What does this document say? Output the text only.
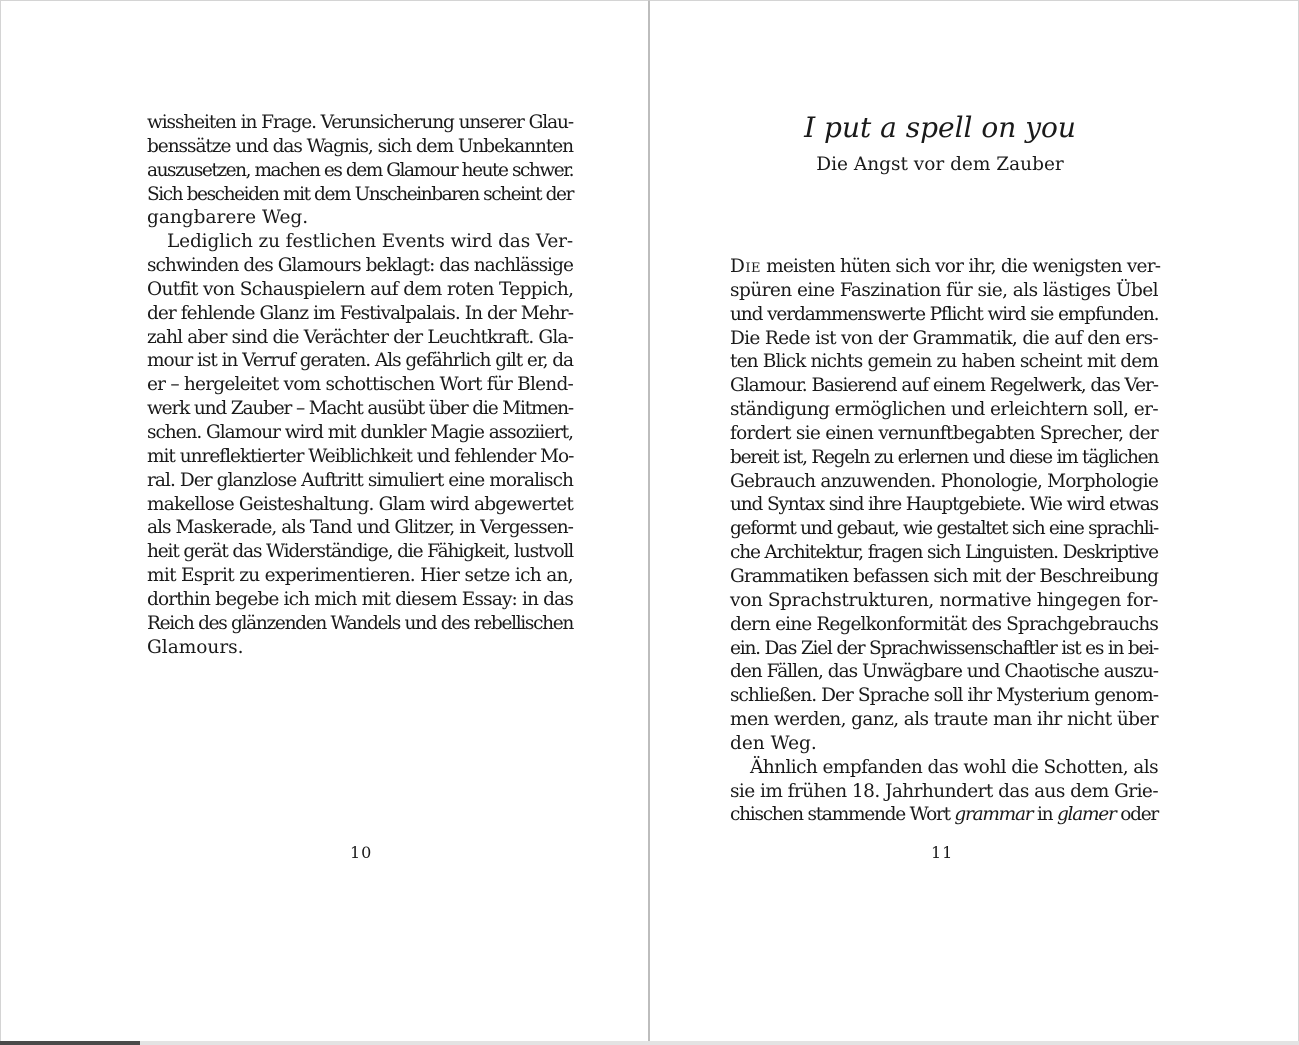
wissheiten in Frage. Verunsicherung unserer Glau-
benssätze und das Wagnis, sich dem Unbekannten
auszusetzen, machen es dem Glamour heute schwer.
Sich bescheiden mit dem Unscheinbaren scheint der
gangbarere Weg.
Lediglich zu festlichen Events wird das Ver-
schwinden des Glamours beklagt: das nachlässige
Outfit von Schauspielern auf dem roten Teppich,
der fehlende Glanz im Festivalpalais. In der Mehr-
zahl aber sind die Verächter der Leuchtkraft. Gla-
mour ist in Verruf geraten. Als gefährlich gilt er, da
er – hergeleitet vom schottischen Wort für Blend-
werk und Zauber – Macht ausübt über die Mitmen-
schen. Glamour wird mit dunkler Magie assoziiert,
mit unreflektierter Weiblichkeit und fehlender Mo-
ral. Der glanzlose Auftritt simuliert eine moralisch
makellose Geisteshaltung. Glam wird abgewertet
als Maskerade, als Tand und Glitzer, in Vergessen-
heit gerät das Widerständige, die Fähigkeit, lustvoll
mit Esprit zu experimentieren. Hier setze ich an,
dorthin begebe ich mich mit diesem Essay: in das
Reich des glänzenden Wandels und des rebellischen
Glamours.
10
I put a spell on you
Die Angst vor dem Zauber
Die meisten hüten sich vor ihr, die wenigsten ver-
spüren eine Faszination für sie, als lästiges Übel
und verdammenswerte Pflicht wird sie empfunden.
Die Rede ist von der Grammatik, die auf den ers-
ten Blick nichts gemein zu haben scheint mit dem
Glamour. Basierend auf einem Regelwerk, das Ver-
ständigung ermöglichen und erleichtern soll, er-
fordert sie einen vernunftbegabten Sprecher, der
bereit ist, Regeln zu erlernen und diese im täglichen
Gebrauch anzuwenden. Phonologie, Morphologie
und Syntax sind ihre Hauptgebiete. Wie wird etwas
geformt und gebaut, wie gestaltet sich eine sprachli-
che Architektur, fragen sich Linguisten. Deskriptive
Grammatiken befassen sich mit der Beschreibung
von Sprachstrukturen, normative hingegen for-
dern eine Regelkonformität des Sprachgebrauchs
ein. Das Ziel der Sprachwissenschaftler ist es in bei-
den Fällen, das Unwägbare und Chaotische auszu-
schließen. Der Sprache soll ihr Mysterium genom-
men werden, ganz, als traute man ihr nicht über
den Weg.
Ähnlich empfanden das wohl die Schotten, als
sie im frühen 18. Jahrhundert das aus dem Grie-
chischen stammende Wort grammar in glamer oder
11
